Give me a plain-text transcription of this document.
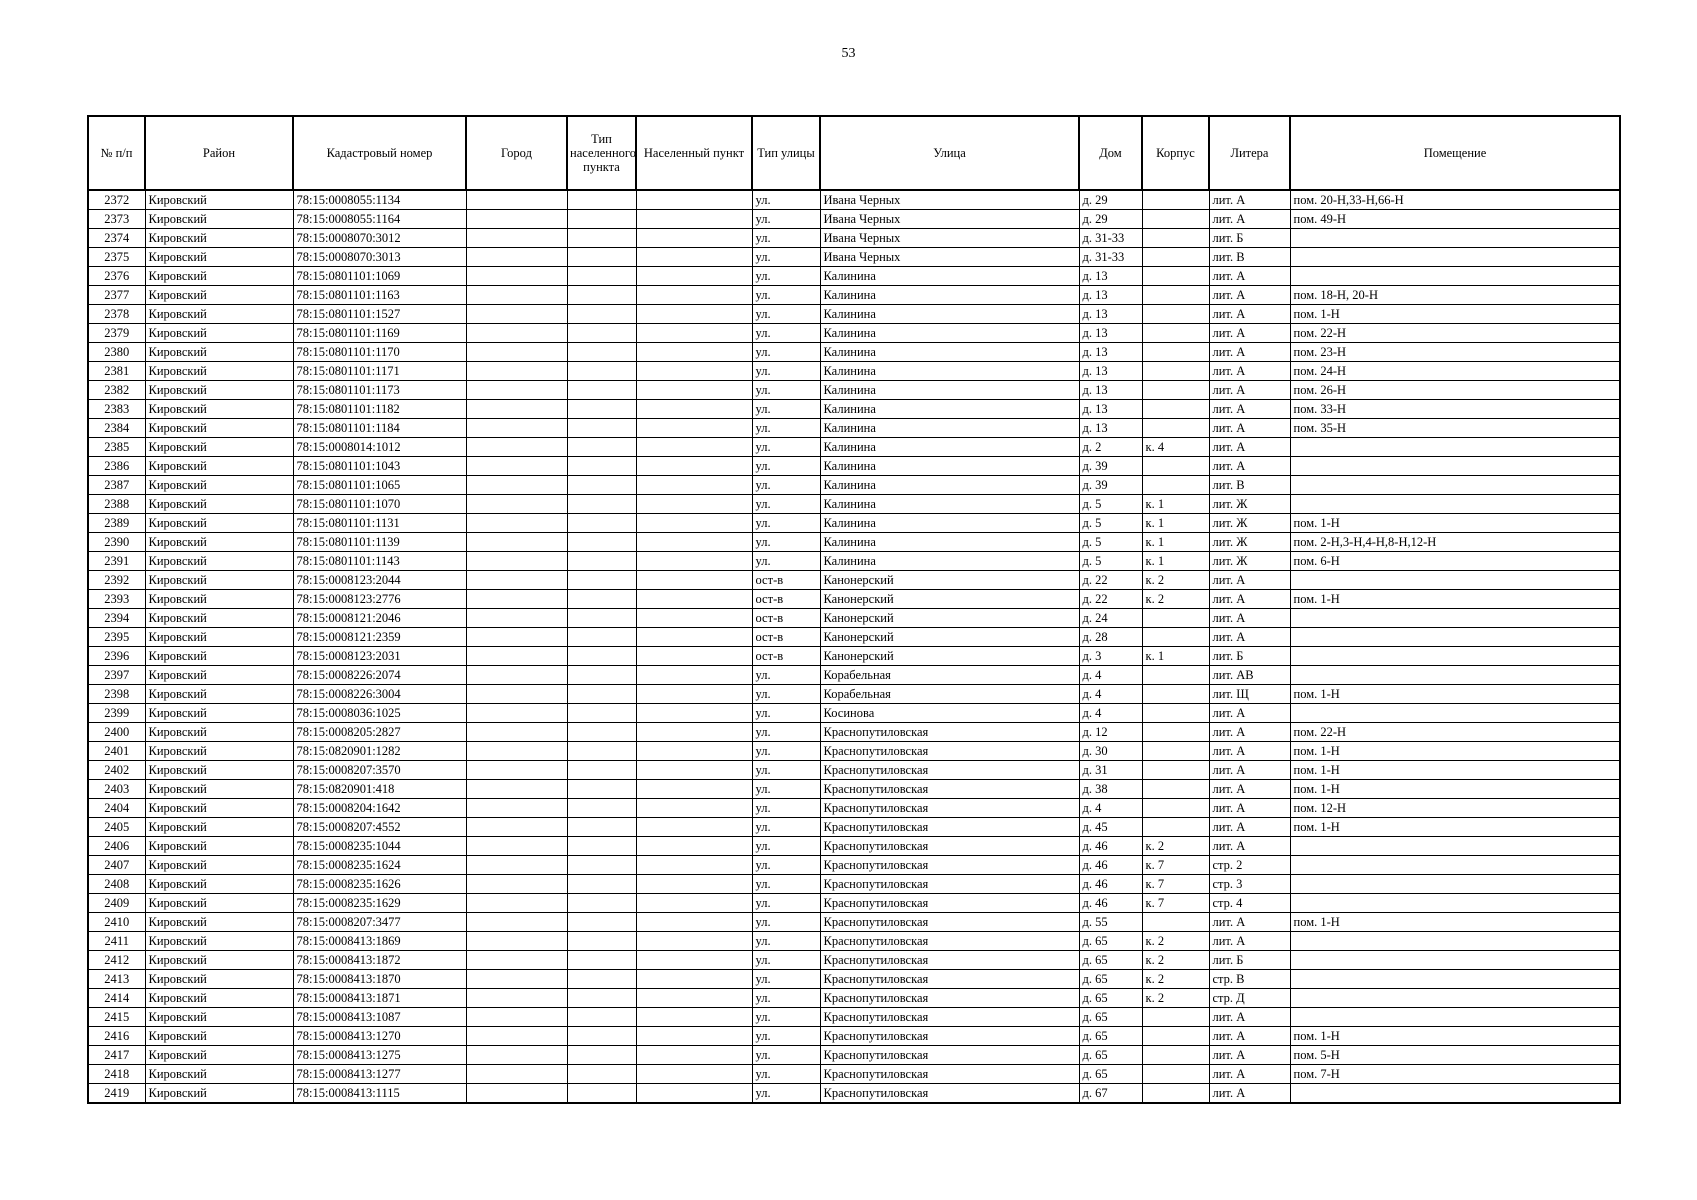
53
№ п/п	Район	Кадастровый номер	Город	Тип населенного пункта	Населенный пункт	Тип улицы	Улица	Дом	Корпус	Литера	Помещение
2372	Кировский	78:15:0008055:1134				ул.	Ивана Черных	д. 29		лит. А	пом. 20-Н,33-Н,66-Н
2373	Кировский	78:15:0008055:1164				ул.	Ивана Черных	д. 29		лит. А	пом. 49-Н
2374	Кировский	78:15:0008070:3012				ул.	Ивана Черных	д. 31-33		лит. Б	
2375	Кировский	78:15:0008070:3013				ул.	Ивана Черных	д. 31-33		лит. В	
2376	Кировский	78:15:0801101:1069				ул.	Калинина	д. 13		лит. А	
2377	Кировский	78:15:0801101:1163				ул.	Калинина	д. 13		лит. А	пом. 18-Н, 20-Н
2378	Кировский	78:15:0801101:1527				ул.	Калинина	д. 13		лит. А	пом. 1-Н
2379	Кировский	78:15:0801101:1169				ул.	Калинина	д. 13		лит. А	пом. 22-Н
2380	Кировский	78:15:0801101:1170				ул.	Калинина	д. 13		лит. А	пом. 23-Н
2381	Кировский	78:15:0801101:1171				ул.	Калинина	д. 13		лит. А	пом. 24-Н
2382	Кировский	78:15:0801101:1173				ул.	Калинина	д. 13		лит. А	пом. 26-Н
2383	Кировский	78:15:0801101:1182				ул.	Калинина	д. 13		лит. А	пом. 33-Н
2384	Кировский	78:15:0801101:1184				ул.	Калинина	д. 13		лит. А	пом. 35-Н
2385	Кировский	78:15:0008014:1012				ул.	Калинина	д. 2	к. 4	лит. А	
2386	Кировский	78:15:0801101:1043				ул.	Калинина	д. 39		лит. А	
2387	Кировский	78:15:0801101:1065				ул.	Калинина	д. 39		лит. В	
2388	Кировский	78:15:0801101:1070				ул.	Калинина	д. 5	к. 1	лит. Ж	
2389	Кировский	78:15:0801101:1131				ул.	Калинина	д. 5	к. 1	лит. Ж	пом. 1-Н
2390	Кировский	78:15:0801101:1139				ул.	Калинина	д. 5	к. 1	лит. Ж	пом. 2-Н,3-Н,4-Н,8-Н,12-Н
2391	Кировский	78:15:0801101:1143				ул.	Калинина	д. 5	к. 1	лит. Ж	пом. 6-Н
2392	Кировский	78:15:0008123:2044				ост-в	Канонерский	д. 22	к. 2	лит. А	
2393	Кировский	78:15:0008123:2776				ост-в	Канонерский	д. 22	к. 2	лит. А	пом. 1-Н
2394	Кировский	78:15:0008121:2046				ост-в	Канонерский	д. 24		лит. А	
2395	Кировский	78:15:0008121:2359				ост-в	Канонерский	д. 28		лит. А	
2396	Кировский	78:15:0008123:2031				ост-в	Канонерский	д. 3	к. 1	лит. Б	
2397	Кировский	78:15:0008226:2074				ул.	Корабельная	д. 4		лит. АВ	
2398	Кировский	78:15:0008226:3004				ул.	Корабельная	д. 4		лит. Щ	пом. 1-Н
2399	Кировский	78:15:0008036:1025				ул.	Косинова	д. 4		лит. А	
2400	Кировский	78:15:0008205:2827				ул.	Краснопутиловская	д. 12		лит. А	пом. 22-Н
2401	Кировский	78:15:0820901:1282				ул.	Краснопутиловская	д. 30		лит. А	пом. 1-Н
2402	Кировский	78:15:0008207:3570				ул.	Краснопутиловская	д. 31		лит. А	пом. 1-Н
2403	Кировский	78:15:0820901:418				ул.	Краснопутиловская	д. 38		лит. А	пом. 1-Н
2404	Кировский	78:15:0008204:1642				ул.	Краснопутиловская	д. 4		лит. А	пом. 12-Н
2405	Кировский	78:15:0008207:4552				ул.	Краснопутиловская	д. 45		лит. А	пом. 1-Н
2406	Кировский	78:15:0008235:1044				ул.	Краснопутиловская	д. 46	к. 2	лит. А	
2407	Кировский	78:15:0008235:1624				ул.	Краснопутиловская	д. 46	к. 7	стр. 2	
2408	Кировский	78:15:0008235:1626				ул.	Краснопутиловская	д. 46	к. 7	стр. 3	
2409	Кировский	78:15:0008235:1629				ул.	Краснопутиловская	д. 46	к. 7	стр. 4	
2410	Кировский	78:15:0008207:3477				ул.	Краснопутиловская	д. 55		лит. А	пом. 1-Н
2411	Кировский	78:15:0008413:1869				ул.	Краснопутиловская	д. 65	к. 2	лит. А	
2412	Кировский	78:15:0008413:1872				ул.	Краснопутиловская	д. 65	к. 2	лит. Б	
2413	Кировский	78:15:0008413:1870				ул.	Краснопутиловская	д. 65	к. 2	стр. В	
2414	Кировский	78:15:0008413:1871				ул.	Краснопутиловская	д. 65	к. 2	стр. Д	
2415	Кировский	78:15:0008413:1087				ул.	Краснопутиловская	д. 65		лит. А	
2416	Кировский	78:15:0008413:1270				ул.	Краснопутиловская	д. 65		лит. А	пом. 1-Н
2417	Кировский	78:15:0008413:1275				ул.	Краснопутиловская	д. 65		лит. А	пом. 5-Н
2418	Кировский	78:15:0008413:1277				ул.	Краснопутиловская	д. 65		лит. А	пом. 7-Н
2419	Кировский	78:15:0008413:1115				ул.	Краснопутиловская	д. 67		лит. А	
